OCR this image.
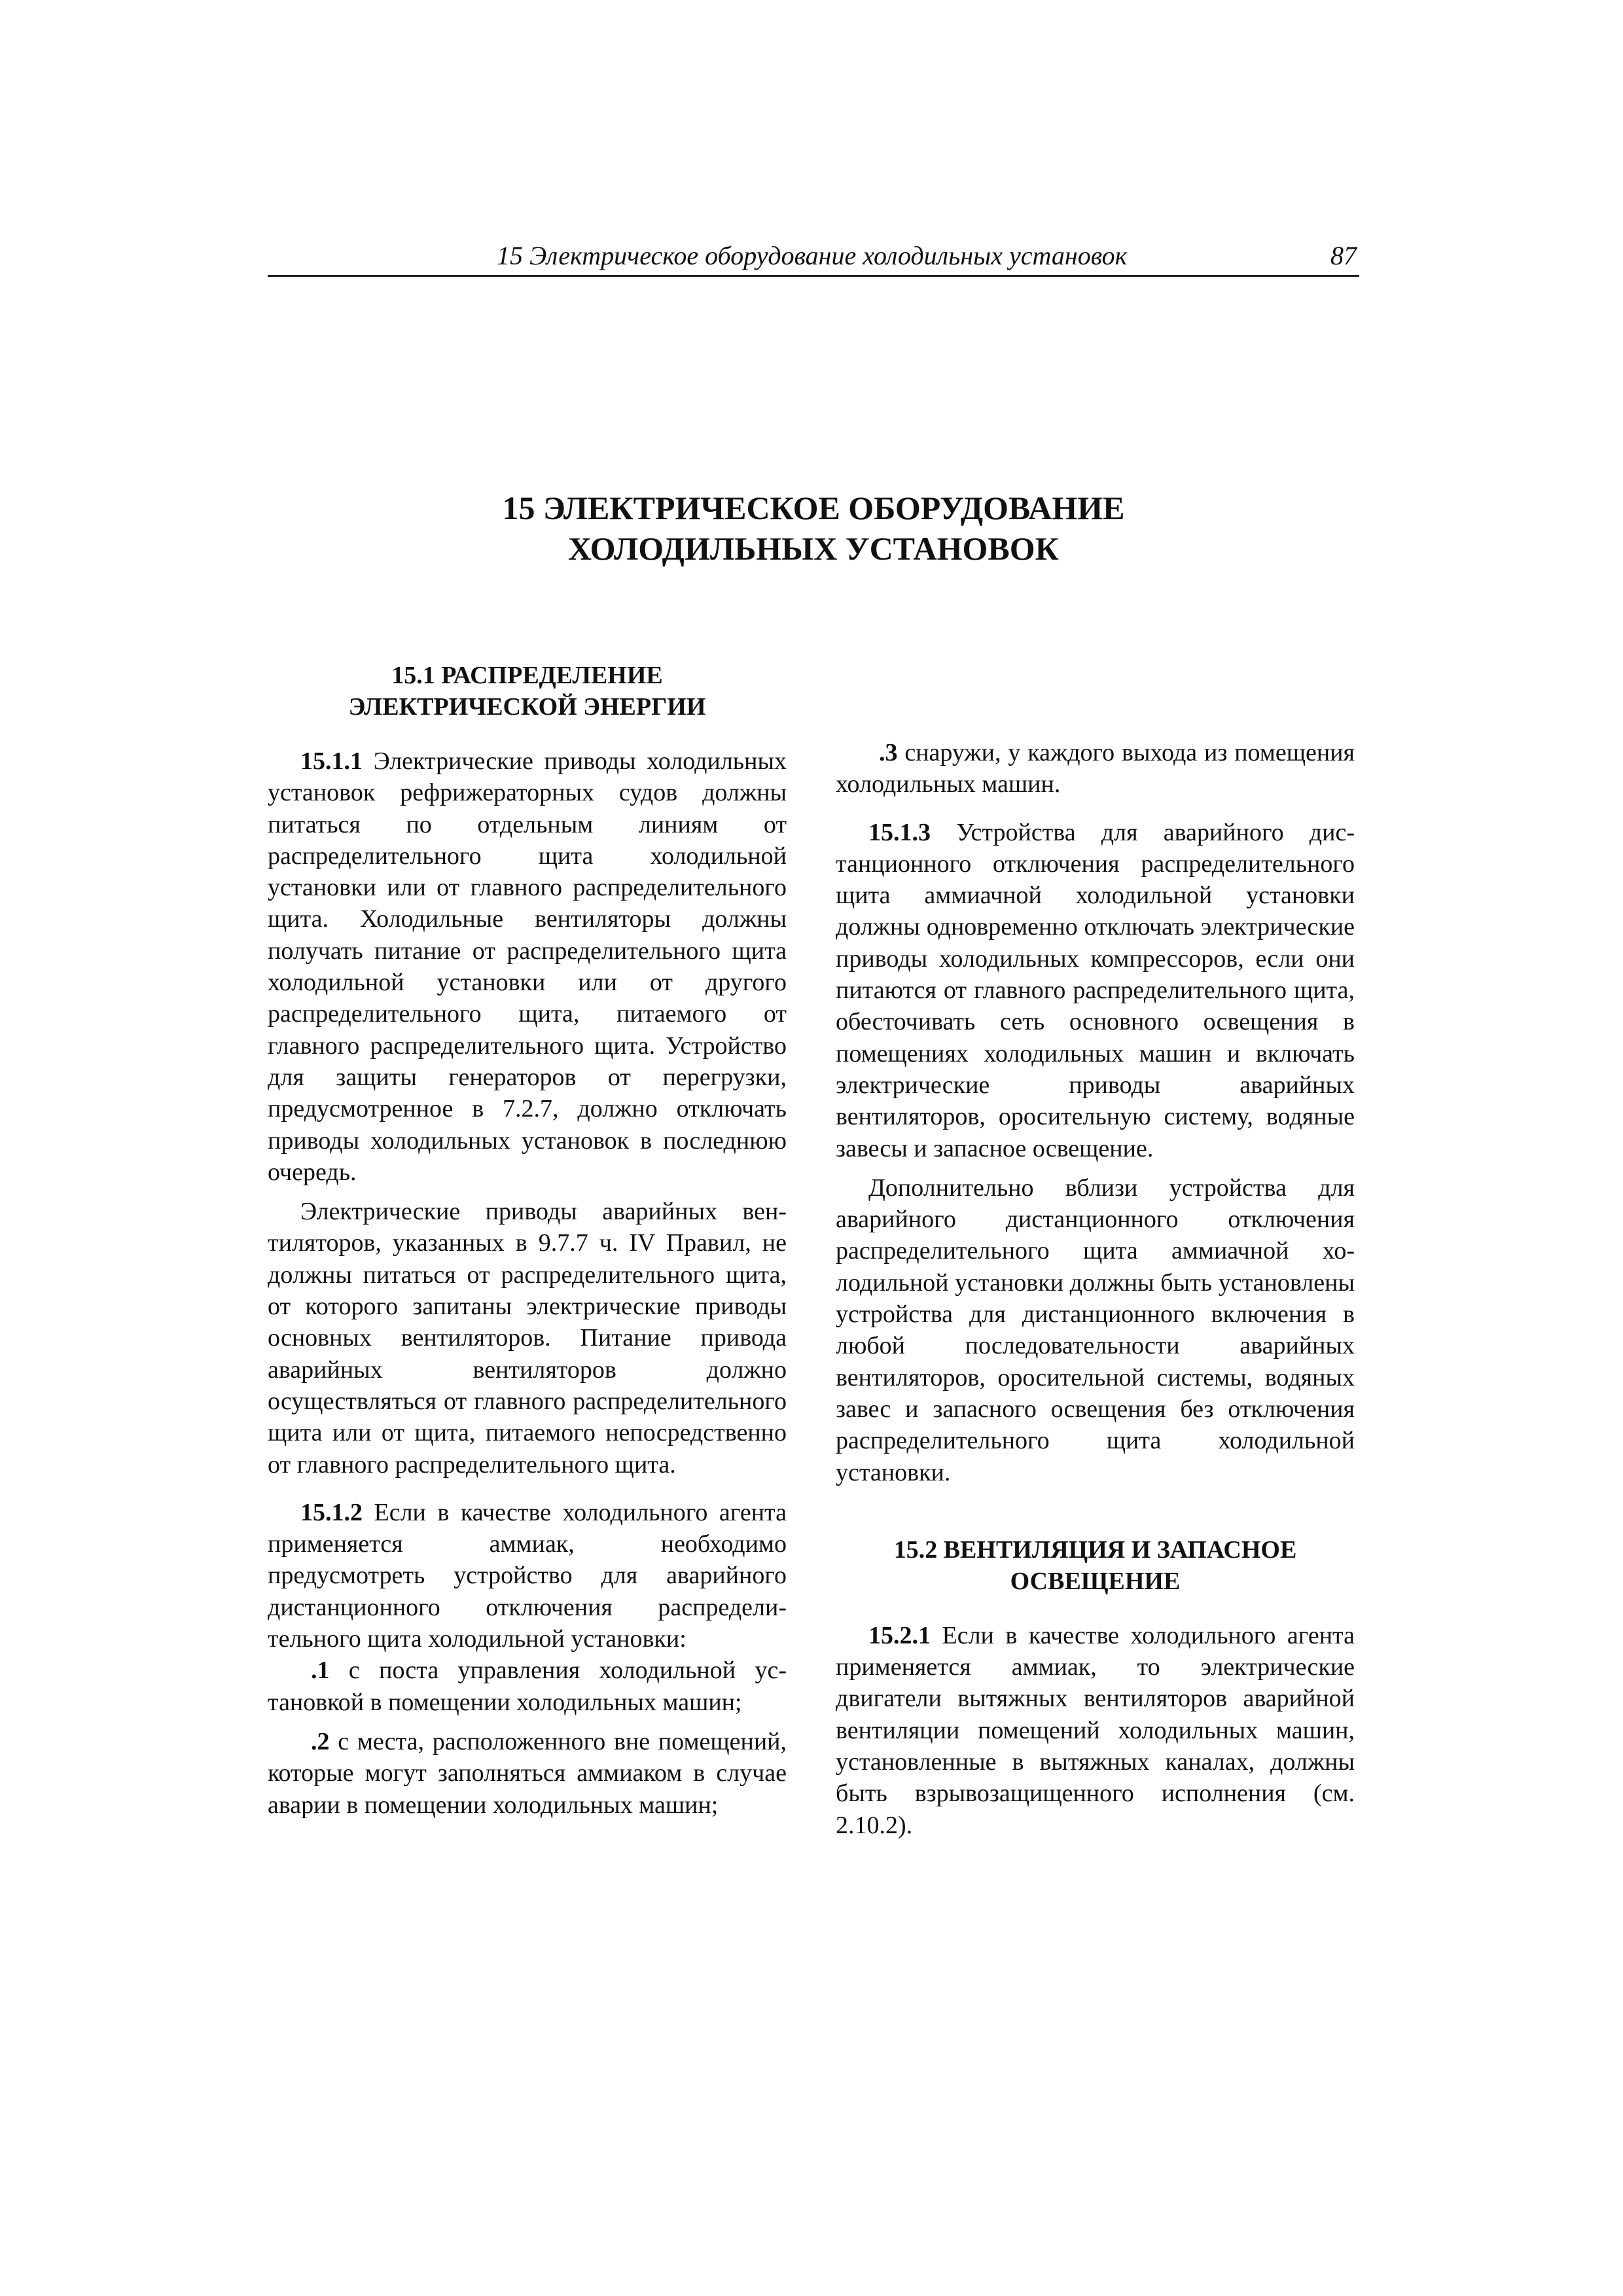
15 Электрическое оборудование холодильных установок	87
15 ЭЛЕКТРИЧЕСКОЕ ОБОРУДОВАНИЕ
ХОЛОДИЛЬНЫХ УСТАНОВОК
15.1 РАСПРЕДЕЛЕНИЕ
ЭЛЕКТРИЧЕСКОЙ ЭНЕРГИИ

15.1.1 Электрические приводы холодильных установок рефрижераторных судов должны питаться по отдельным линиям от распределительного щита холодильной установки или от главного распределительного щита. Холодильные вентиляторы должны получать питание от распределительного щита холодильной установки или от другого распределительного щита, питаемого от главного распределительного щита. Устройство для защиты генераторов от перегрузки, предусмотренное в 7.2.7, должно отключать приводы холодильных установок в последнюю очередь.

Электрические приводы аварийных вентиляторов, указанных в 9.7.7 ч. IV Правил, не должны питаться от распределительного щита, от которого запитаны электрические приводы основных вентиляторов. Питание привода аварийных вентиляторов должно осуществляться от главного распределительного щита или от щита, питаемого непосредственно от главного распределительного щита.

15.1.2 Если в качестве холодильного агента применяется аммиак, необходимо предусмотреть устройство для аварийного дистанционного отключения распределительного щита холодильной установки:

.1 с поста управления холодильной установкой в помещении холодильных машин;

.2 с места, расположенного вне помещений, которые могут заполняться аммиаком в случае аварии в помещении холодильных машин;

.3 снаружи, у каждого выхода из помещения холодильных машин.

15.1.3 Устройства для аварийного дистанционного отключения распределительного щита аммиачной холодильной установки должны одновременно отключать электрические приводы холодильных компрессоров, если они питаются от главного распределительного щита, обесточивать сеть основного освещения в помещениях холодильных машин и включать электрические приводы аварийных вентиляторов, оросительную систему, водяные завесы и запасное освещение.

Дополнительно вблизи устройства для аварийного дистанционного отключения распределительного щита аммиачной холодильной установки должны быть установлены устройства для дистанционного включения в любой последовательности аварийных вентиляторов, оросительной системы, водяных завес и запасного освещения без отключения распределительного щита холодильной установки.

15.2 ВЕНТИЛЯЦИЯ И ЗАПАСНОЕ
ОСВЕЩЕНИЕ

15.2.1 Если в качестве холодильного агента применяется аммиак, то электрические двигатели вытяжных вентиляторов аварийной вентиляции помещений холодильных машин, установленные в вытяжных каналах, должны быть взрывозащищенного исполнения (см. 2.10.2).
